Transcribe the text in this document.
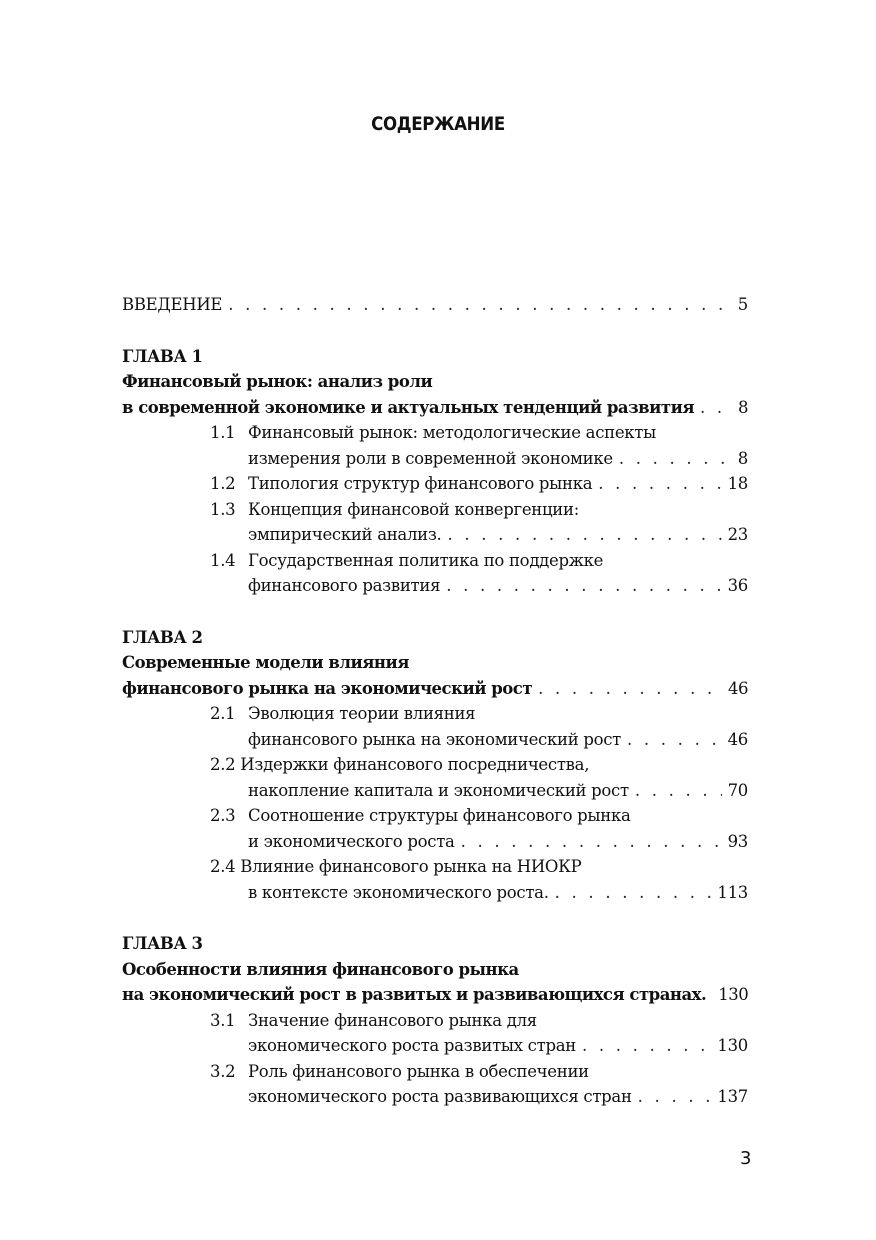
СОДЕРЖАНИЕ
ВВЕДЕНИЕ . . .	5
ГЛАВА 1
Финансовый рынок: анализ роли
в современной экономике и актуальных тенденций развития . . .	8
1.1 Финансовый рынок: методологические аспекты
измерения роли в современной экономике . . .	8
1.2 Типология структур финансового рынка . . .	18
1.3 Концепция финансовой конвергенции:
эмпирический анализ. . . .	23
1.4 Государственная политика по поддержке
финансового развития . . .	36
ГЛАВА 2
Современные модели влияния
финансового рынка на экономический рост . . .	46
2.1 Эволюция теории влияния
финансового рынка на экономический рост . . .	46
2.2 Издержки финансового посредничества,
накопление капитала и экономический рост . . .	70
2.3 Соотношение структуры финансового рынка
и экономического роста . . .	93
2.4 Влияние финансового рынка на НИОКР
в контексте экономического роста. . . .	113
ГЛАВА 3
Особенности влияния финансового рынка
на экономический рост в развитых и развивающихся странах. 130
3.1 Значение финансового рынка для
экономического роста развитых стран . . .	130
3.2 Роль финансового рынка в обеспечении
экономического роста развивающихся стран . . .	137
3
